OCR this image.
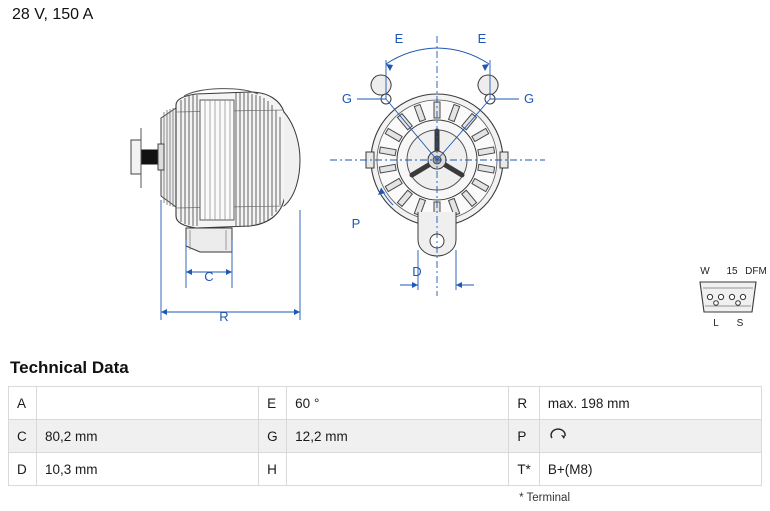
28 V, 150 A
C
R
E	E
G	G
P
D	W 15 DFM
L S
Technical Data
A		E	60 °	R	max. 198 mm
C	80,2 mm	G	12,2 mm	P	
D	10,3 mm	H		T*	B+(M8)
* Terminal
